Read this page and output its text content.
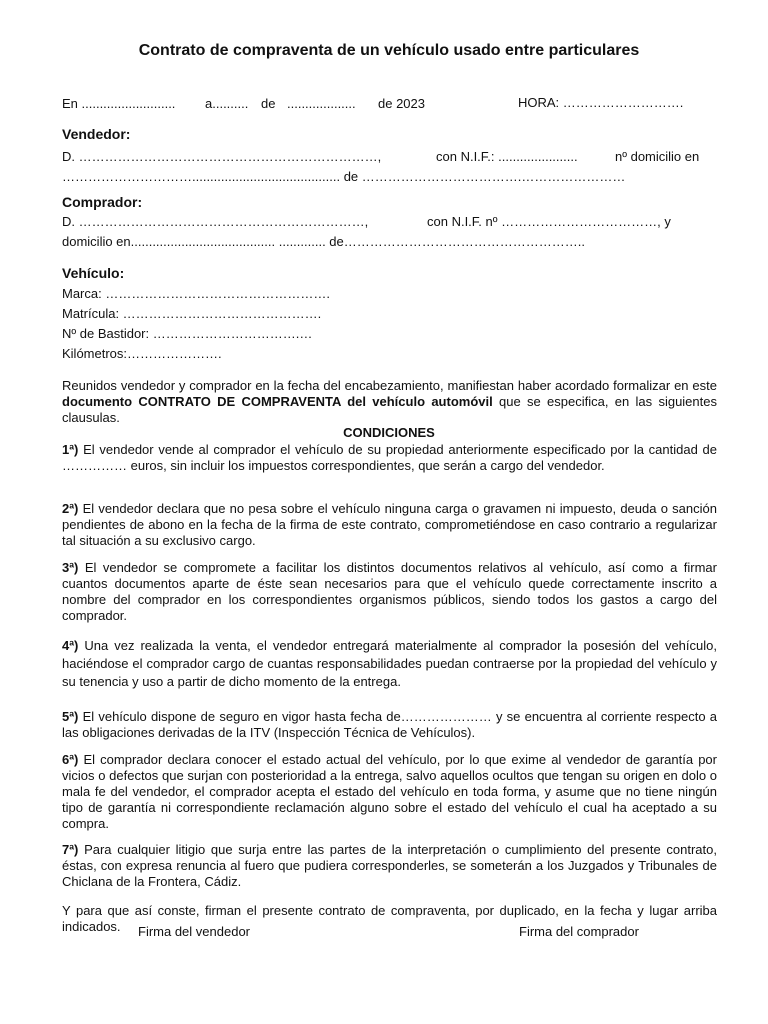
Contrato de compraventa de un vehículo usado entre particulares
En .......................... a.......... de ................... de 2023	HORA: ……………………….
Vendedor:
D. ……………………………………………………………,	con N.I.F.: ......................	nº domicilio en
…………………………......................................... de ……………………………….……………………
Comprador:
D. …………………………………………………………,	con N.I.F. nº ………………………………, y
domicilio en........................................ ............. de………………………………………………..
Vehículo:
Marca: …………………………………………….
Matrícula: ……………………………………….
Nº de Bastidor: …………………………….…
Kilómetros:………………….
Reunidos vendedor y comprador en la fecha del encabezamiento, manifiestan haber acordado formalizar en este documento CONTRATO DE COMPRAVENTA del vehículo automóvil que se especifica, en las siguientes clausulas.
CONDICIONES
1ª) El vendedor vende al comprador el vehículo de su propiedad anteriormente especificado por la cantidad de …………… euros, sin incluir los impuestos correspondientes, que serán a cargo del vendedor.
2ª) El vendedor declara que no pesa sobre el vehículo ninguna carga o gravamen ni impuesto, deuda o sanción pendientes de abono en la fecha de la firma de este contrato, comprometiéndose en caso contrario a regularizar tal situación a su exclusivo cargo.
3ª) El vendedor se compromete a facilitar los distintos documentos relativos al vehículo, así como a firmar cuantos documentos aparte de éste sean necesarios para que el vehículo quede correctamente inscrito a nombre del comprador en los correspondientes organismos públicos, siendo todos los gastos a cargo del comprador.
4ª) Una vez realizada la venta, el vendedor entregará materialmente al comprador la posesión del vehículo, haciéndose el comprador cargo de cuantas responsabilidades puedan contraerse por la propiedad del vehículo y su tenencia y uso a partir de dicho momento de la entrega.
5ª) El vehículo dispone de seguro en vigor hasta fecha de………………… y se encuentra al corriente respecto a las obligaciones derivadas de la ITV (Inspección Técnica de Vehículos).
6ª) El comprador declara conocer el estado actual del vehículo, por lo que exime al vendedor de garantía por vicios o defectos que surjan con posterioridad a la entrega, salvo aquellos ocultos que tengan su origen en dolo o mala fe del vendedor, el comprador acepta el estado del vehículo en toda forma, y asume que no tiene ningún tipo de garantía ni correspondiente reclamación alguno sobre el estado del vehículo el cual ha aceptado a su compra.
7ª) Para cualquier litigio que surja entre las partes de la interpretación o cumplimiento del presente contrato, éstas, con expresa renuncia al fuero que pudiera corresponderles, se someterán a los Juzgados y Tribunales de Chiclana de la Frontera, Cádiz.
Y para que así conste, firman el presente contrato de compraventa, por duplicado, en la fecha y lugar arriba indicados.	Firma del vendedor	Firma del comprador
